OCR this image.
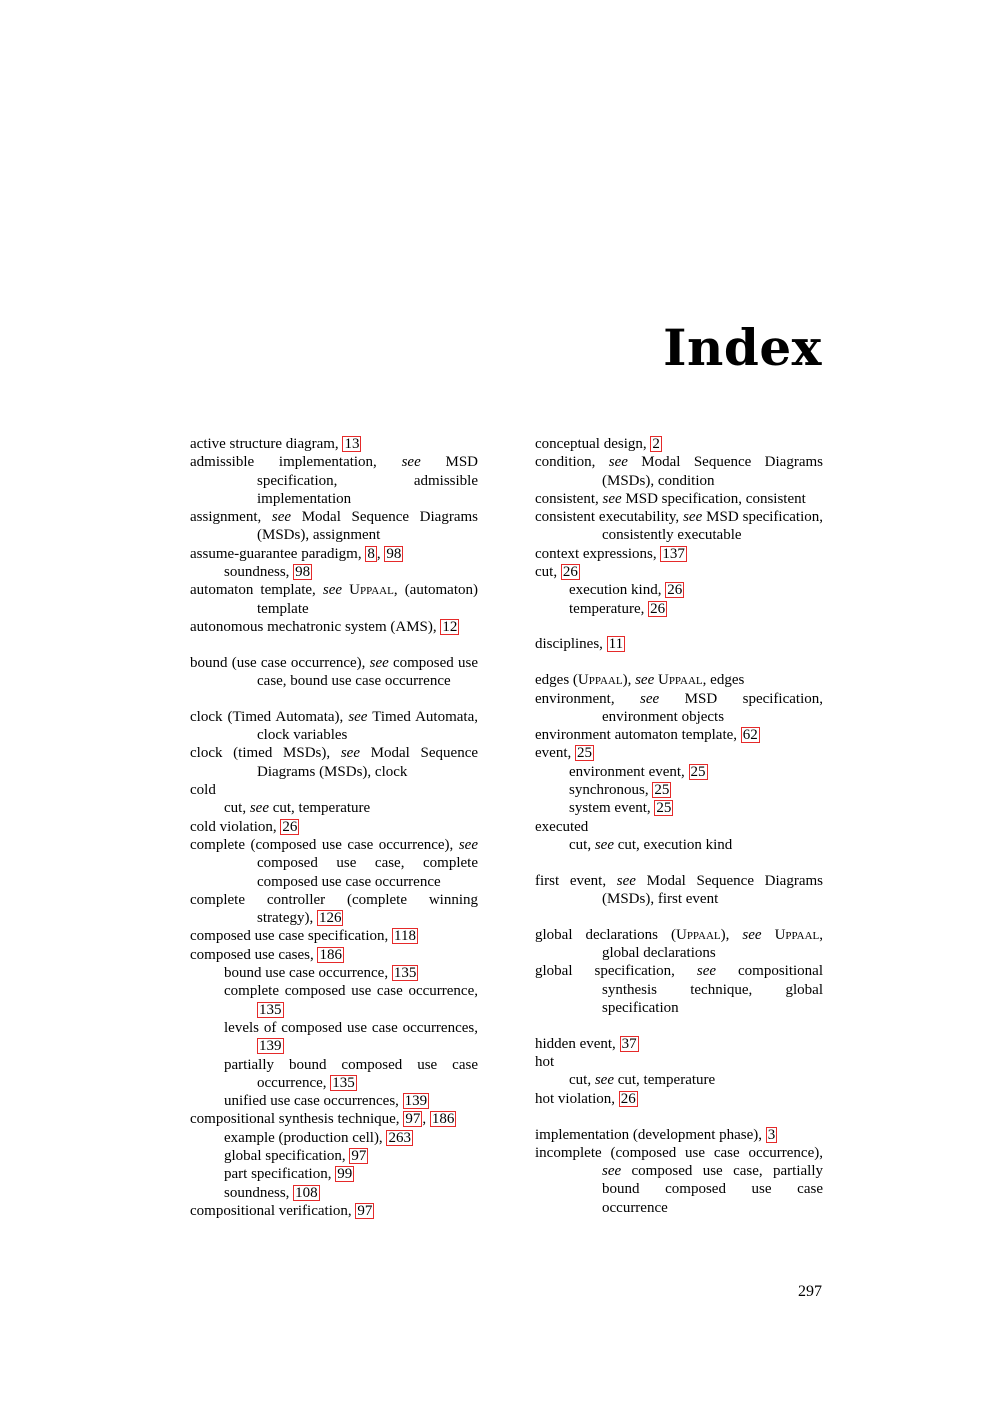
Index
active structure diagram, 13
admissible implementation, see MSD specification, admissible implementation
assignment, see Modal Sequence Diagrams (MSDs), assignment
assume-guarantee paradigm, 8 , 98
soundness, 98
automaton template, see Uppaal, (automaton) template
autonomous mechatronic system (AMS), 12
bound (use case occurrence), see composed use case, bound use case occurrence
clock (Timed Automata), see Timed Automata, clock variables
clock (timed MSDs), see Modal Sequence Diagrams (MSDs), clock
cold
cut, see cut, temperature
cold violation, 26
complete (composed use case occurrence), see composed use case, complete composed use case occurrence
complete controller (complete winning strategy), 126
composed use case specification, 118
composed use cases, 186
bound use case occurrence, 135
complete composed use case occurrence, 135
levels of composed use case occurrences, 139
partially bound composed use case occurrence, 135
unified use case occurrences, 139
compositional synthesis technique, 97 , 186
example (production cell), 263
global specification, 97
part specification, 99
soundness, 108
compositional verification, 97
conceptual design, 2
condition, see Modal Sequence Diagrams (MSDs), condition
consistent, see MSD specification, consistent
consistent executability, see MSD specification, consistently executable
context expressions, 137
cut, 26
execution kind, 26
temperature, 26
disciplines, 11
edges (Uppaal), see Uppaal, edges
environment, see MSD specification, environment objects
environment automaton template, 62
event, 25
environment event, 25
synchronous, 25
system event, 25
executed
cut, see cut, execution kind
first event, see Modal Sequence Diagrams (MSDs), first event
global declarations (Uppaal), see Uppaal, global declarations
global specification, see compositional synthesis technique, global specification
hidden event, 37
hot
cut, see cut, temperature
hot violation, 26
implementation (development phase), 3
incomplete (composed use case occurrence), see composed use case, partially bound composed use case occurrence
297
